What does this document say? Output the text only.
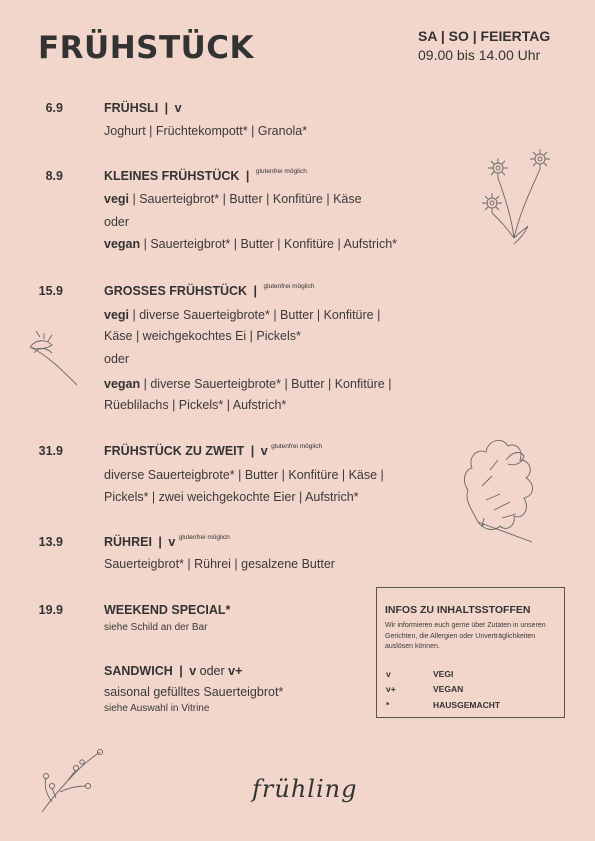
FRÜHSTÜCK	SA | SO | FEIERTAG
09.00 bis 14.00 Uhr
6.9	FRÜHSLI | v
Joghurt | Früchtekompott* | Granola*
8.9	KLEINES FRÜHSTÜCK | $^{glutenfrei möglich}$
vegi | Sauerteigbrot* | Butter | Konfitüre | Käse
oder
vegan | Sauerteigbrot* | Butter | Konfitüre | Aufstrich*
15.9	GROSSES FRÜHSTÜCK | $^{glutenfrei möglich}$
vegi | diverse Sauerteigbrote* | Butter | Konfitüre |
Käse | weichgekochtes Ei | Pickels*
oder
vegan | diverse Sauerteigbrote* | Butter | Konfitüre |
Rüeblilachs | Pickels* | Aufstrich*
31.9	FRÜHSTÜCK ZU ZWEIT | v $^{glutenfrei möglich}$
diverse Sauerteigbrote* | Butter | Konfitüre | Käse |
Pickels* | zwei weichgekochte Eier | Aufstrich*
13.9	RÜHREI | v $^{glutenfrei möglich}$
Sauerteigbrot* | Rührei | gesalzene Butter
19.9	WEEKEND SPECIAL*
siehe Schild an der Bar
SANDWICH | v oder v+
saisonal gefülltes Sauerteigbrot*
siehe Auswahl in Vitrine
INFOS ZU INHALTSSTOFFEN
Wir informieren euch gerne über Zutaten in unseren Gerichten, die Allergien oder Unverträglichkeiten auslösen können.
v	VEGI
v+	VEGAN
*	HAUSGEMACHT
frühling
